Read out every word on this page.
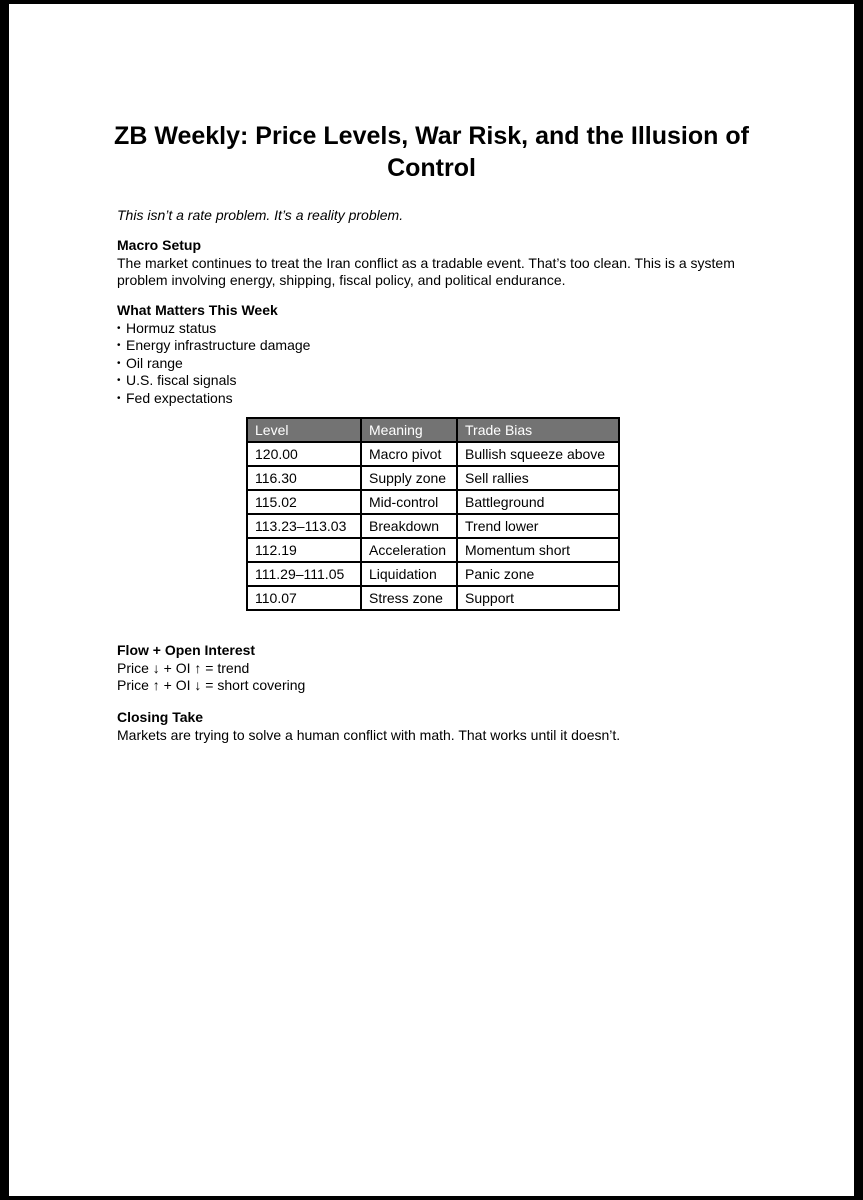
ZB Weekly: Price Levels, War Risk, and the Illusion of Control

This isn’t a rate problem. It’s a reality problem.

Macro Setup

The market continues to treat the Iran conflict as a tradable event. That’s too clean. This is a system problem involving energy, shipping, fiscal policy, and political endurance.

What Matters This Week
• Hormuz status
• Energy infrastructure damage
• Oil range
• U.S. fiscal signals
• Fed expectations
Level	Meaning	Trade Bias
120.00	Macro pivot	Bullish squeeze above
116.30	Supply zone	Sell rallies
115.02	Mid-control	Battleground
113.23–113.03	Breakdown	Trend lower
112.19	Acceleration	Momentum short
111.29–111.05	Liquidation	Panic zone
110.07	Stress zone	Support
Flow + Open Interest

Price ↓ + OI ↑ = trend

Price ↑ + OI ↓ = short covering

Closing Take

Markets are trying to solve a human conflict with math. That works until it doesn’t.
